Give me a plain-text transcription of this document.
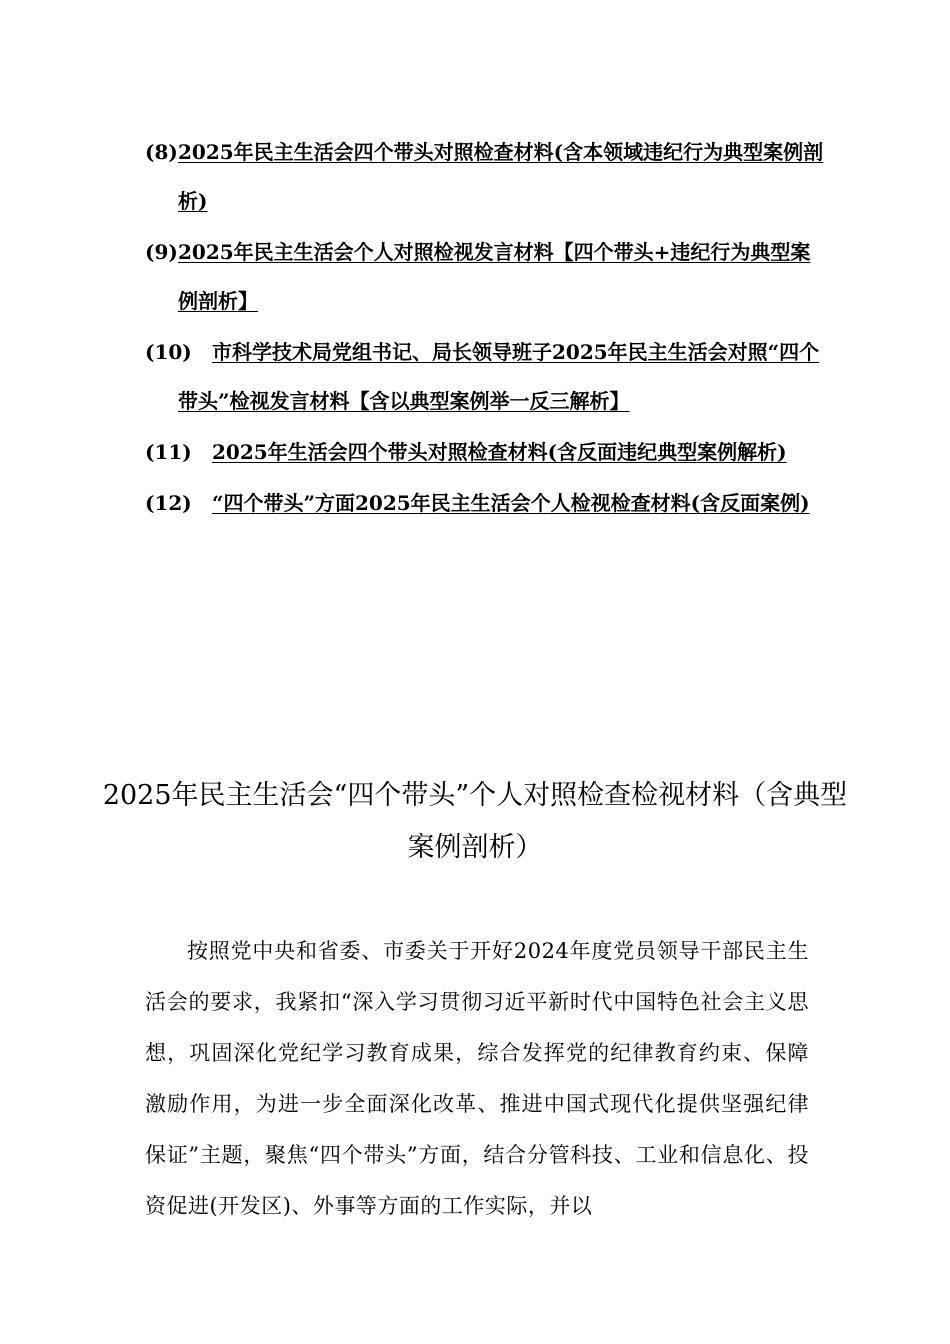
(8) 2025年民主生活会四个带头对照检查材料(含本领域违纪行为典型案例剖析)
(9) 2025年民主生活会个人对照检视发言材料【四个带头+违纪行为典型案例剖析】
(10)	市科学技术局党组书记、局长领导班子2025年民主生活会对照“四个带头”检视发言材料【含以典型案例举一反三解析】
(11)	2025年生活会四个带头对照检查材料(含反面违纪典型案例解析)
(12)	“四个带头”方面2025年民主生活会个人检视检查材料(含反面案例)
2025年民主生活会“四个带头”个人对照检查检视材料（含典型案例剖析）

按照党中央和省委、市委关于开好2024年度党员领导干部民主生活会的要求，我紧扣“深入学习贯彻习近平新时代中国特色社会主义思想，巩固深化党纪学习教育成果，综合发挥党的纪律教育约束、保障激励作用，为进一步全面深化改革、推进中国式现代化提供坚强纪律保证”主题，聚焦“四个带头”方面，结合分管科技、工业和信息化、投资促进(开发区)、外事等方面的工作实际，并以
